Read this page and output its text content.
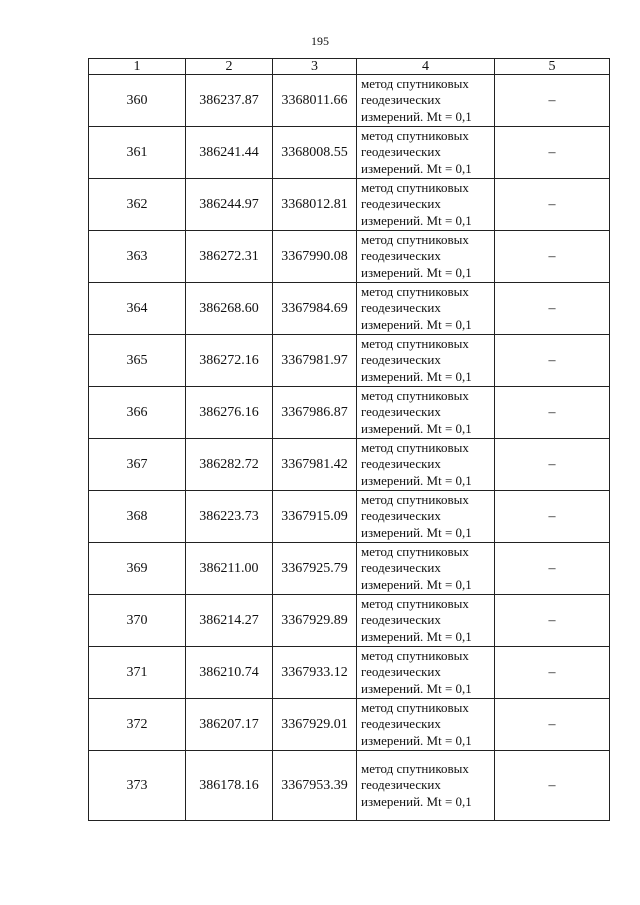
195
1	2	3	4	5
360	386237.87	3368011.66	метод спутниковых
геодезических
измерений. Mt = 0,1	–
361	386241.44	3368008.55	метод спутниковых
геодезических
измерений. Mt = 0,1	–
362	386244.97	3368012.81	метод спутниковых
геодезических
измерений. Mt = 0,1	–
363	386272.31	3367990.08	метод спутниковых
геодезических
измерений. Mt = 0,1	–
364	386268.60	3367984.69	метод спутниковых
геодезических
измерений. Mt = 0,1	–
365	386272.16	3367981.97	метод спутниковых
геодезических
измерений. Mt = 0,1	–
366	386276.16	3367986.87	метод спутниковых
геодезических
измерений. Mt = 0,1	–
367	386282.72	3367981.42	метод спутниковых
геодезических
измерений. Mt = 0,1	–
368	386223.73	3367915.09	метод спутниковых
геодезических
измерений. Mt = 0,1	–
369	386211.00	3367925.79	метод спутниковых
геодезических
измерений. Mt = 0,1	–
370	386214.27	3367929.89	метод спутниковых
геодезических
измерений. Mt = 0,1	–
371	386210.74	3367933.12	метод спутниковых
геодезических
измерений. Mt = 0,1	–
372	386207.17	3367929.01	метод спутниковых
геодезических
измерений. Mt = 0,1	–
373	386178.16	3367953.39	метод спутниковых
геодезических
измерений. Mt = 0,1	–
